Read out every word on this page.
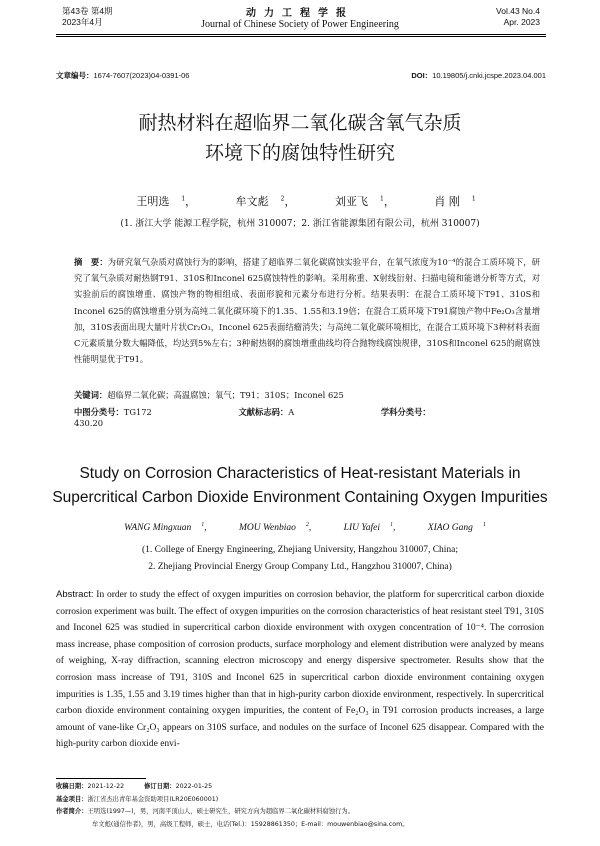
第43卷 第4期
2023年4月
动力工程学报
Journal of Chinese Society of Power Engineering
Vol.43 No.4
Apr. 2023
文章编号：1674-7607(2023)04-0391-06	DOI：10.19805/j.cnki.jcspe.2023.04.001
耐热材料在超临界二氧化碳含氧气杂质
环境下的腐蚀特性研究
王明选 $^1$，	牟文彪 $^2$，	刘亚飞 $^1$，	肖 刚 $^1$
(1. 浙江大学 能源工程学院，杭州 310007；2. 浙江省能源集团有限公司，杭州 310007)
摘　要：为研究氧气杂质对腐蚀行为的影响，搭建了超临界二氧化碳腐蚀实验平台，在氧气浓度为10⁻⁴的混合工质环境下，研究了氧气杂质对耐热钢T91、310S和Inconel 625腐蚀特性的影响。采用称重、X射线衍射、扫描电镜和能谱分析等方式，对实验前后的腐蚀增重、腐蚀产物的物相组成、表面形貌和元素分布进行分析。结果表明：在混合工质环境下T91、310S和Inconel 625的腐蚀增重分别为高纯二氧化碳环境下的1.35、1.55和3.19倍；在混合工质环境下T91腐蚀产物中Fe₂O₃含量增加，310S表面出现大量叶片状Cr₂O₃，Inconel 625表面结瘤消失；与高纯二氧化碳环境相比，在混合工质环境下3种材料表面C元素质量分数大幅降低，均达到5%左右；3种耐热钢的腐蚀增重曲线均符合抛物线腐蚀规律，310S和Inconel 625的耐腐蚀性能明显优于T91。
关键词：超临界二氧化碳；高温腐蚀；氧气；T91；310S；Inconel 625
中图分类号：TG172	文献标志码：A	学科分类号：430.20
Study on Corrosion Characteristics of Heat-resistant Materials in
Supercritical Carbon Dioxide Environment Containing Oxygen Impurities
WANG Mingxuan $^1$,	MOU Wenbiao $^2$,	LIU Yafei $^1$,	XIAO Gang $^1$
(1. College of Energy Engineering, Zhejiang University, Hangzhou 310007, China;
2. Zhejiang Provincial Energy Group Company Ltd., Hangzhou 310007, China)
Abstract: In order to study the effect of oxygen impurities on corrosion behavior, the platform for supercritical carbon dioxide corrosion experiment was built. The effect of oxygen impurities on the corrosion characteristics of heat resistant steel T91, 310S and Inconel 625 was studied in supercritical carbon dioxide environment with oxygen concentration of 10⁻⁴. The corrosion mass increase, phase composition of corrosion products, surface morphology and element distribution were analyzed by means of weighing, X-ray diffraction, scanning electron microscopy and energy dispersive spectrometer. Results show that the corrosion mass increase of T91, 310S and Inconel 625 in supercritical carbon dioxide environment containing oxygen impurities is 1.35, 1.55 and 3.19 times higher than that in high-purity carbon dioxide environment, respectively. In supercritical carbon dioxide environment containing oxygen impurities, the content of Fe₂O₃ in T91 corrosion products increases, a large amount of vane-like Cr₂O₃ appears on 310S surface, and nodules on the surface of Inconel 625 disappear. Compared with the high-purity carbon dioxide envi-
收稿日期：2021-12-22	修订日期：2022-01-25
基金项目：浙江省杰出青年基金资助项目(LR20E060001)
作者简介：王明选(1997—)，男，河南平顶山人，硕士研究生，研究方向为超临界二氧化碳材料腐蚀行为。
牟文彪(通信作者)，男，高级工程师，硕士，电话(Tel.)：15928861350；E-mail：mouwenbiao@sina.com。
